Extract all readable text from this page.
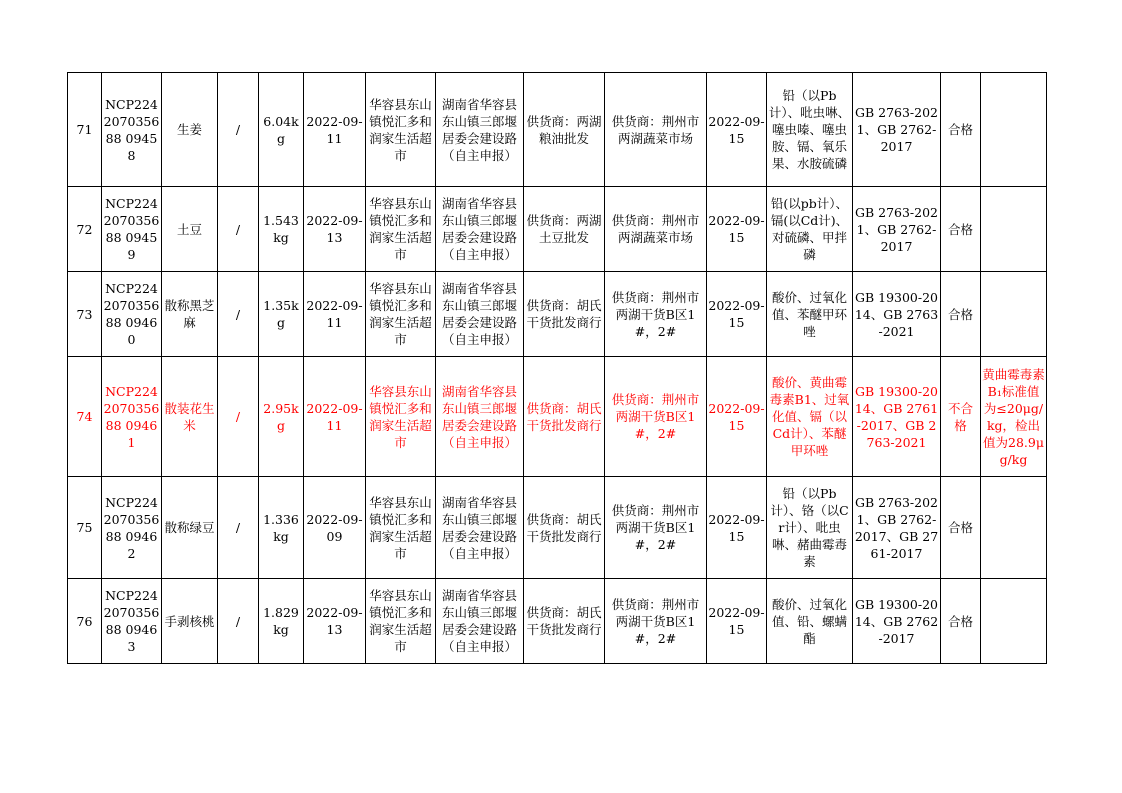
71	NCP224207035688 09458	生姜	/	6.04kg	2022-09-11	华容县东山镇悦汇多和润家生活超市	湖南省华容县东山镇三郎堰居委会建设路（自主申报）	供货商：两湖粮油批发	供货商：荆州市两湖蔬菜市场	2022-09-15	铅（以Pb计）、吡虫啉、噻虫嗪、噻虫胺、镉、氧乐果、水胺硫磷	GB 2763-2021、GB 2762-2017	合格	
72	NCP224207035688 09459	土豆	/	1.543kg	2022-09-13	华容县东山镇悦汇多和润家生活超市	湖南省华容县东山镇三郎堰居委会建设路（自主申报）	供货商：两湖土豆批发	供货商：荆州市两湖蔬菜市场	2022-09-15	铅(以pb计）、镉(以Cd计)、对硫磷、甲拌磷	GB 2763-2021、GB 2762-2017	合格	
73	NCP224207035688 09460	散称黑芝麻	/	1.35kg	2022-09-11	华容县东山镇悦汇多和润家生活超市	湖南省华容县东山镇三郎堰居委会建设路（自主申报）	供货商：胡氏干货批发商行	供货商：荆州市两湖干货B区1#，2#	2022-09-15	酸价、过氧化值、苯醚甲环唑	GB 19300-2014、GB 2763-2021	合格	
74	NCP224207035688 09461	散装花生米	/	2.95kg	2022-09-11	华容县东山镇悦汇多和润家生活超市	湖南省华容县东山镇三郎堰居委会建设路（自主申报）	供货商：胡氏干货批发商行	供货商：荆州市两湖干货B区1#，2#	2022-09-15	酸价、黄曲霉毒素B1、过氧化值、镉（以Cd计）、苯醚甲环唑	GB 19300-2014、GB 2761-2017、GB 2763-2021	不合格	黄曲霉毒素B₁标准值为≤20μg/kg，检出值为28.9μg/kg
75	NCP224207035688 09462	散称绿豆	/	1.336kg	2022-09-09	华容县东山镇悦汇多和润家生活超市	湖南省华容县东山镇三郎堰居委会建设路（自主申报）	供货商：胡氏干货批发商行	供货商：荆州市两湖干货B区1#，2#	2022-09-15	铅（以Pb计）、铬（以Cr计）、吡虫啉、赭曲霉毒素	GB 2763-2021、GB 2762-2017、GB 2761-2017	合格	
76	NCP224207035688 09463	手剥核桃	/	1.829kg	2022-09-13	华容县东山镇悦汇多和润家生活超市	湖南省华容县东山镇三郎堰居委会建设路（自主申报）	供货商：胡氏干货批发商行	供货商：荆州市两湖干货B区1#，2#	2022-09-15	酸价、过氧化值、铅、螺螨酯	GB 19300-2014、GB 2762-2017	合格	
